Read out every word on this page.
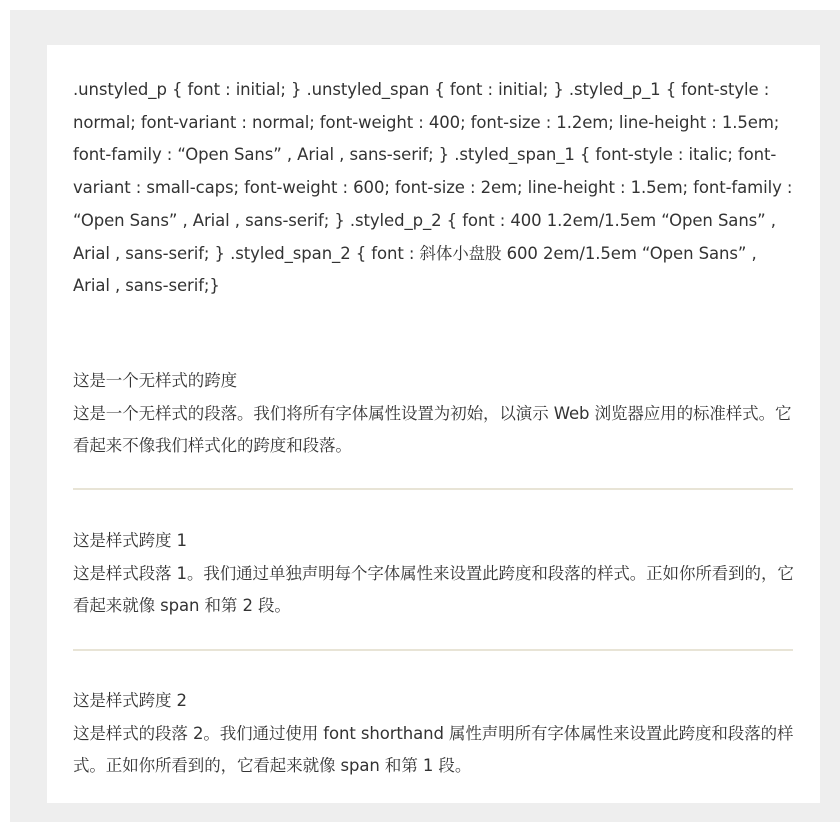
.unstyled_p { font : initial; } .unstyled_span { font : initial; } .styled_p_1 { font-style : normal; font-variant : normal; font-weight : 400; font-size : 1.2em; line-height : 1.5em; font-family : “Open Sans” , Arial , sans-serif; } .styled_span_1 { font-style : italic; font-variant : small-caps; font-weight : 600; font-size : 2em; line-height : 1.5em; font-family : “Open Sans” , Arial , sans-serif; } .styled_p_2 { font : 400 1.2em/1.5em “Open Sans” , Arial , sans-serif; } .styled_span_2 { font : 斜体小盘股 600 2em/1.5em “Open Sans” , Arial , sans-serif;}

这是一个无样式的跨度

这是一个无样式的段落。我们将所有字体属性设置为初始，以演示 Web 浏览器应用的标准样式。它看起来不像我们样式化的跨度和段落。

这是样式跨度 1

这是样式段落 1。我们通过单独声明每个字体属性来设置此跨度和段落的样式。正如你所看到的，它看起来就像 span 和第 2 段。

这是样式跨度 2

这是样式的段落 2。我们通过使用 font shorthand 属性声明所有字体属性来设置此跨度和段落的样式。正如你所看到的，它看起来就像 span 和第 1 段。
